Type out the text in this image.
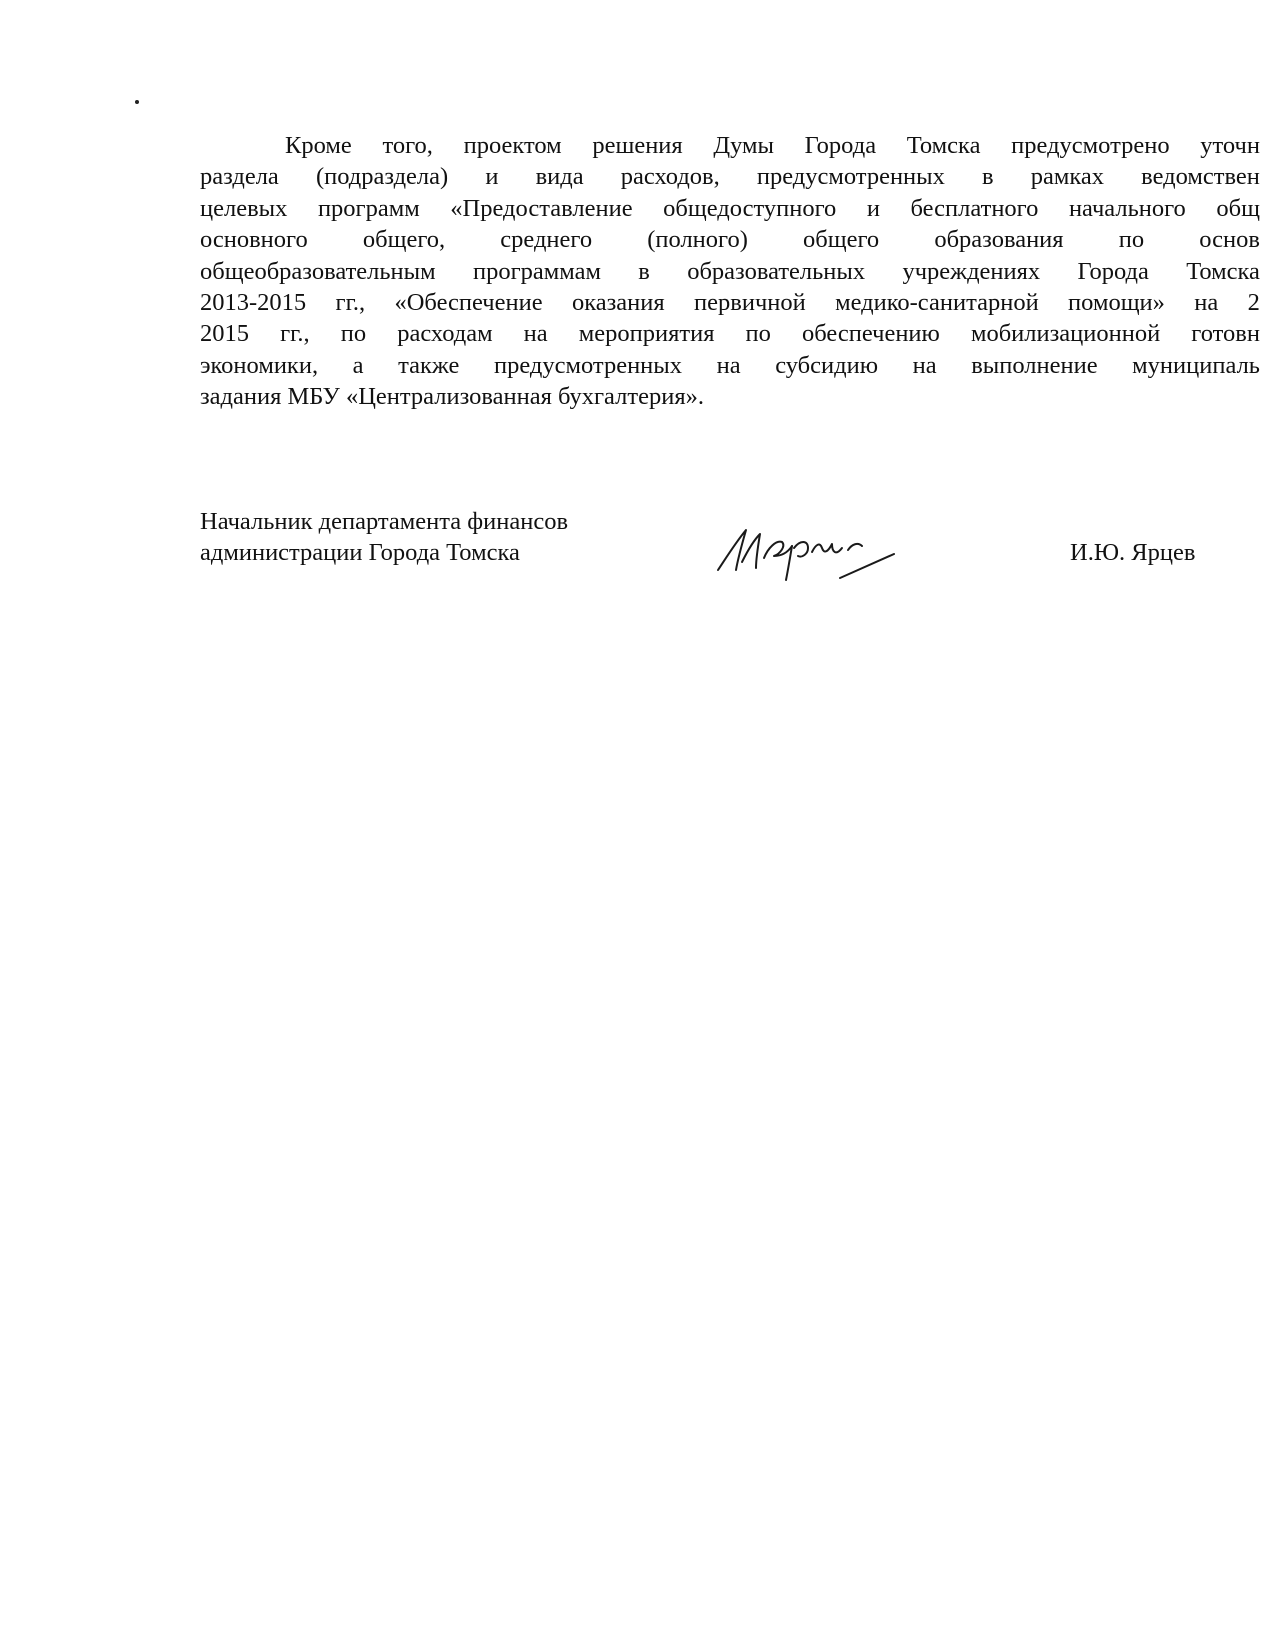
Кроме того, проектом решения Думы Города Томска предусмотрено уточн
раздела (подраздела) и вида расходов, предусмотренных в рамках ведомствен
целевых программ «Предоставление общедоступного и бесплатного начального общ
основного общего, среднего (полного) общего образования по основ
общеобразовательным программам в образовательных учреждениях Города Томска
2013-2015 гг., «Обеспечение оказания первичной медико-санитарной помощи» на 2
2015 гг., по расходам на мероприятия по обеспечению мобилизационной готовн
экономики, а также предусмотренных на субсидию на выполнение муниципаль
задания МБУ «Централизованная бухгалтерия».
Начальник департамента финансов
администрации Города Томска	И.Ю. Ярцев
